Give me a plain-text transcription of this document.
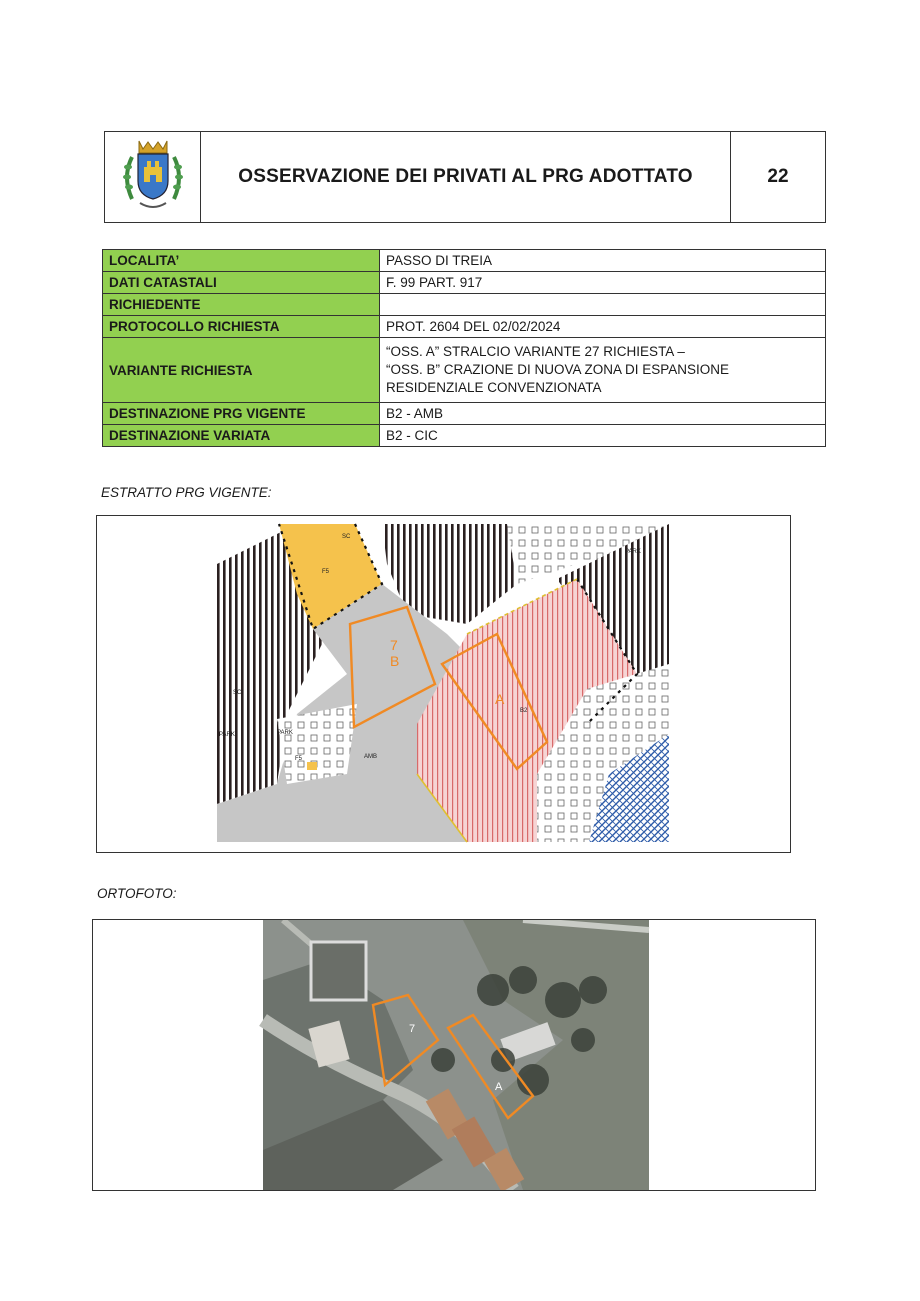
OSSERVAZIONE DEI PRIVATI AL PRG ADOTTATO	22
LOCALITA’	PASSO DI TREIA
DATI CATASTALI	F. 99 PART. 917
RICHIEDENTE	
PROTOCOLLO RICHIESTA	PROT. 2604 DEL 02/02/2024
VARIANTE RICHIESTA	“OSS. A” STRALCIO VARIANTE 27 RICHIESTA –
“OSS. B” CRAZIONE DI NUOVA ZONA DI ESPANSIONE
RESIDENZIALE CONVENZIONATA

DESTINAZIONE PRG VIGENTE	B2 - AMB
DESTINAZIONE VARIATA	B2 - CIC
ESTRATTO PRG VIGENTE:
SC
F5
PARK
B
7
SC	A
B2
PARK	PARK
F5	AMB
ORTOFOTO:
7
A
